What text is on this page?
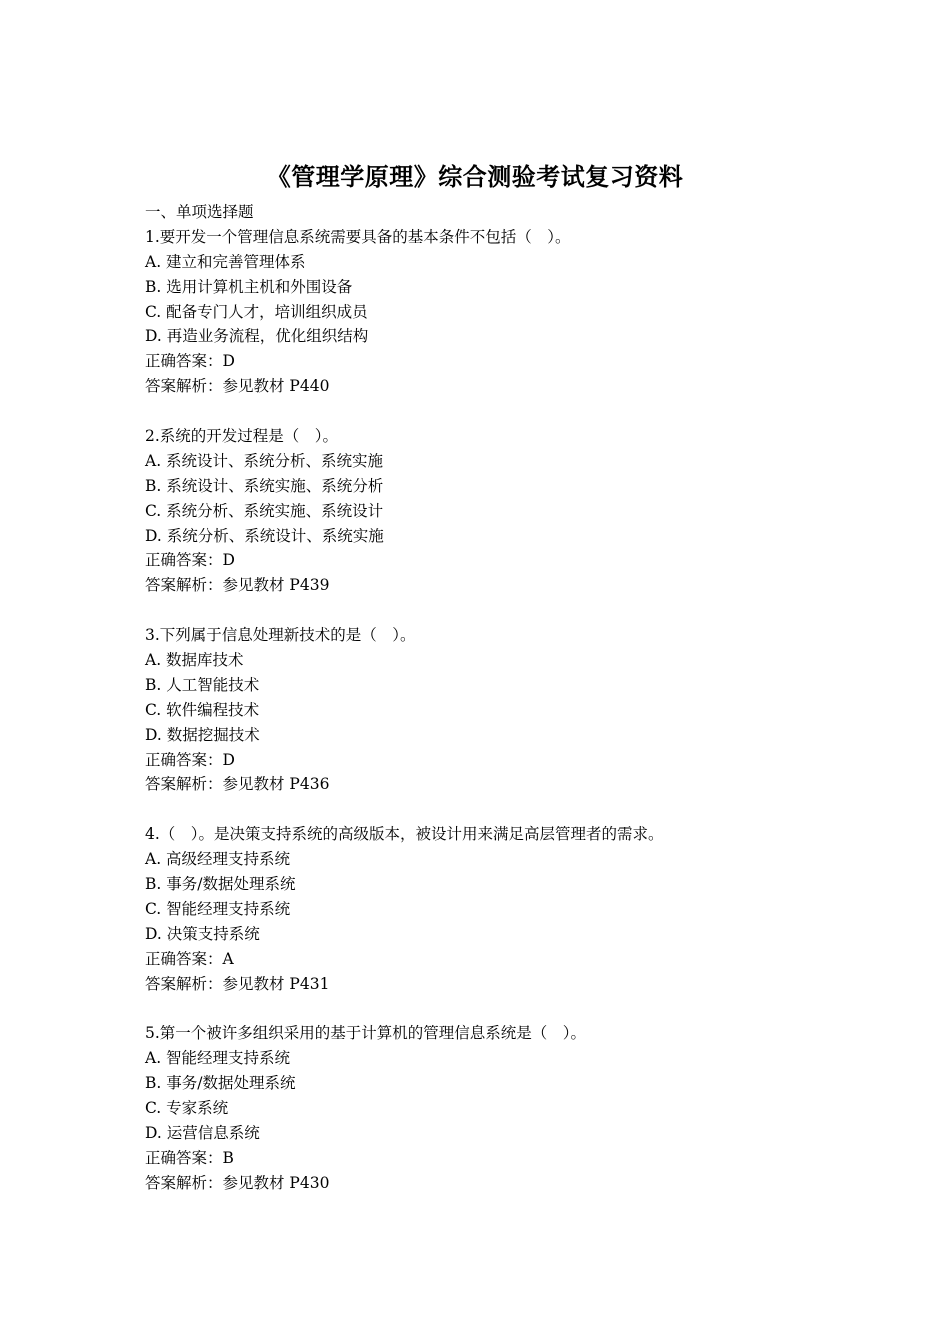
《管理学原理》综合测验考试复习资料
一、单项选择题
1.要开发一个管理信息系统需要具备的基本条件不包括（　）。
A. 建立和完善管理体系
B. 选用计算机主机和外围设备
C. 配备专门人才，培训组织成员
D. 再造业务流程，优化组织结构
正确答案：D
答案解析：参见教材 P440
2.系统的开发过程是（　）。
A. 系统设计、系统分析、系统实施
B. 系统设计、系统实施、系统分析
C. 系统分析、系统实施、系统设计
D. 系统分析、系统设计、系统实施
正确答案：D
答案解析：参见教材 P439
3.下列属于信息处理新技术的是（　）。
A. 数据库技术
B. 人工智能技术
C. 软件编程技术
D. 数据挖掘技术
正确答案：D
答案解析：参见教材 P436
4.（　）。是决策支持系统的高级版本，被设计用来满足高层管理者的需求。
A. 高级经理支持系统
B. 事务/数据处理系统
C. 智能经理支持系统
D. 决策支持系统
正确答案：A
答案解析：参见教材 P431
5.第一个被许多组织采用的基于计算机的管理信息系统是（　）。
A. 智能经理支持系统
B. 事务/数据处理系统
C. 专家系统
D. 运营信息系统
正确答案：B
答案解析：参见教材 P430
